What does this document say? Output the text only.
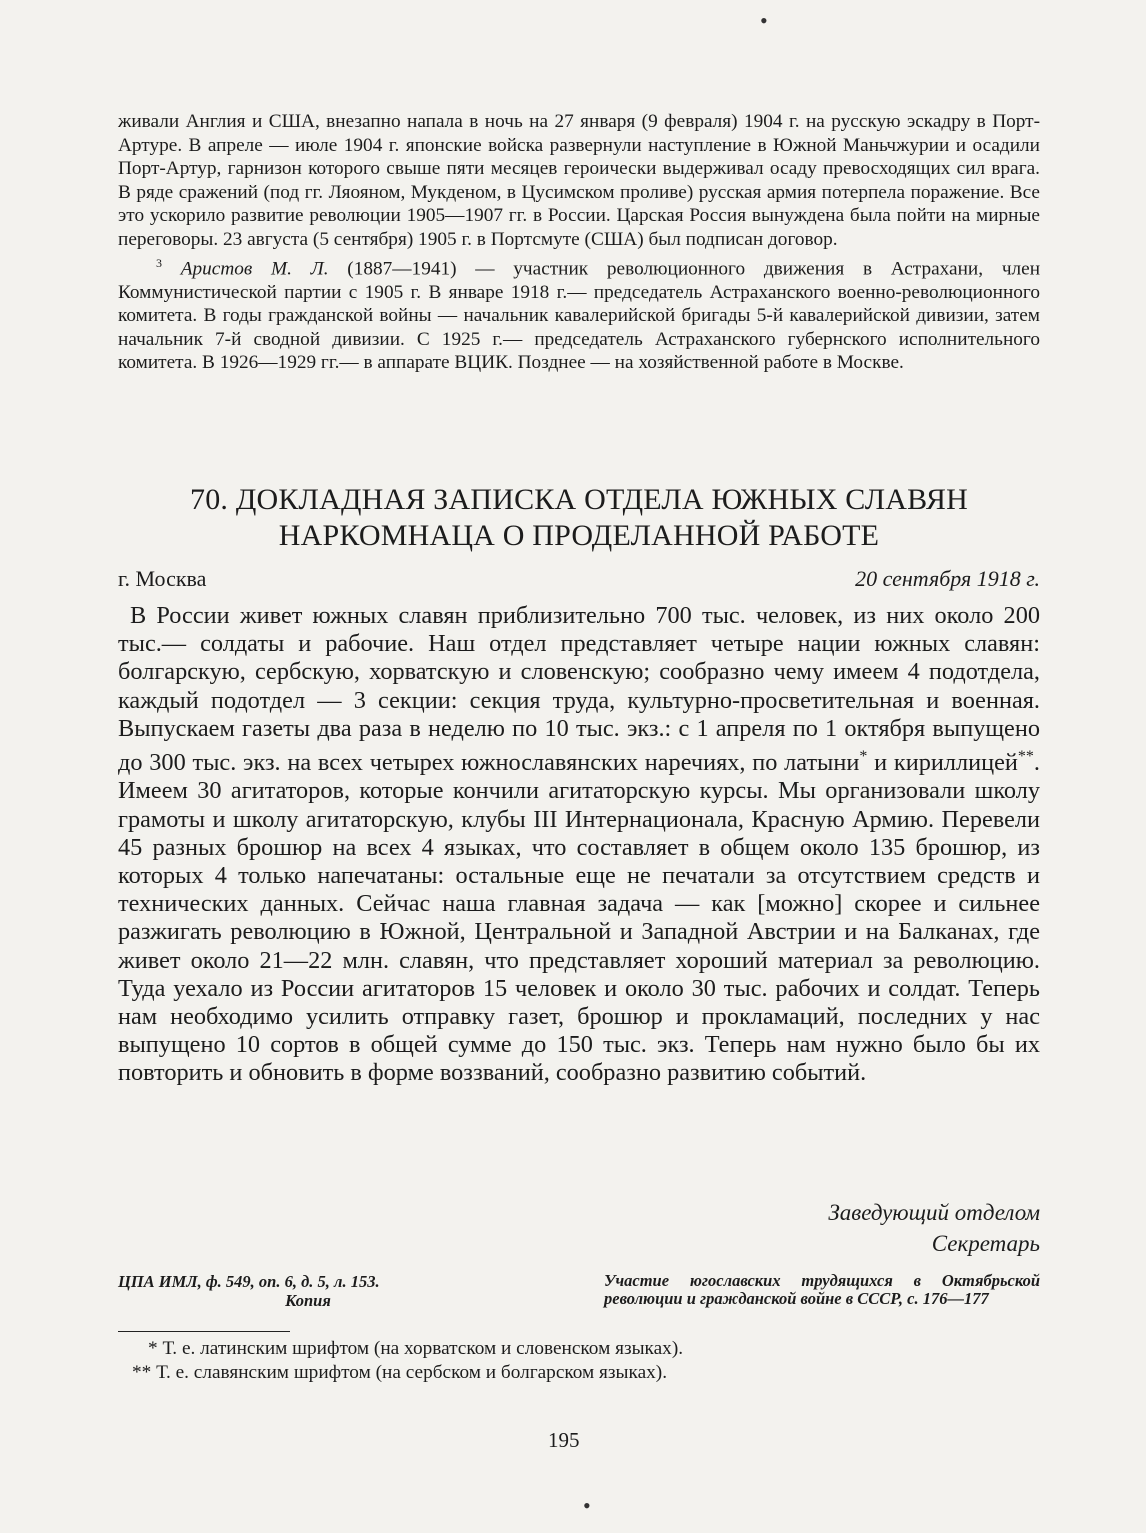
•

живали Англия и США, внезапно напала в ночь на 27 января (9 февраля) 1904 г. на русскую эскадру в Порт-Артуре. В апреле — июле 1904 г. японские войска развернули наступление в Южной Маньчжурии и осадили Порт-Артур, гарнизон которого свыше пяти месяцев героически выдерживал осаду превосходящих сил врага. В ряде сражений (под гг. Ляояном, Мукденом, в Цусимском проливе) русская армия потерпела поражение. Все это ускорило развитие революции 1905—1907 гг. в России. Царская Россия вынуждена была пойти на мирные переговоры. 23 августа (5 сентября) 1905 г. в Портсмуте (США) был подписан договор.

$^3$ Аристов М. Л. (1887—1941) — участник революционного движения в Астрахани, член Коммунистической партии с 1905 г. В январе 1918 г.— председатель Астраханского военно-революционного комитета. В годы гражданской войны — начальник кавалерийской бригады 5-й кавалерийской дивизии, затем начальник 7-й сводной дивизии. С 1925 г.— председатель Астраханского губернского исполнительного комитета. В 1926—1929 гг.— в аппарате ВЦИК. Позднее — на хозяйственной работе в Москве.

70. ДОКЛАДНАЯ ЗАПИСКА ОТДЕЛА ЮЖНЫХ СЛАВЯН
НАРКОМНАЦА О ПРОДЕЛАННОЙ РАБОТЕ
г. Москва	20 сентября 1918 г.
В России живет южных славян приблизительно 700 тыс. человек, из них около 200 тыс.— солдаты и рабочие. Наш отдел представляет четыре нации южных славян: болгарскую, сербскую, хорватскую и словенскую; сообразно чему имеем 4 подотдела, каждый подотдел — 3 секции: секция труда, культурно-просветительная и военная. Выпускаем газеты два раза в неделю по 10 тыс. экз.: с 1 апреля по 1 октября выпущено до 300 тыс. экз. на всех четырех южнославянских наречиях, по латыни* и кириллицей**. Имеем 30 агитаторов, которые кончили агитаторскую курсы. Мы организовали школу грамоты и школу агитаторскую, клубы III Интернационала, Красную Армию. Перевели 45 разных брошюр на всех 4 языках, что составляет в общем около 135 брошюр, из которых 4 только напечатаны: остальные еще не печатали за отсутствием средств и технических данных. Сейчас наша главная задача — как [можно] скорее и сильнее разжигать революцию в Южной, Центральной и Западной Австрии и на Балканах, где живет около 21—22 млн. славян, что представляет хороший материал за революцию. Туда уехало из России агитаторов 15 человек и около 30 тыс. рабочих и солдат. Теперь нам необходимо усилить отправку газет, брошюр и прокламаций, последних у нас выпущено 10 сортов в общей сумме до 150 тыс. экз. Теперь нам нужно было бы их повторить и обновить в форме воззваний, сообразно развитию событий.
Заведующий отделом
Секретарь
ЦПА ИМЛ, ф. 549, оп. 6, д. 5, л. 153.
Копия
Участие югославских трудящихся в Октябрьской революции и гражданской войне в СССР, с. 176—177
* Т. е. латинским шрифтом (на хорватском и словенском языках).
** Т. е. славянским шрифтом (на сербском и болгарском языках).
195
•
